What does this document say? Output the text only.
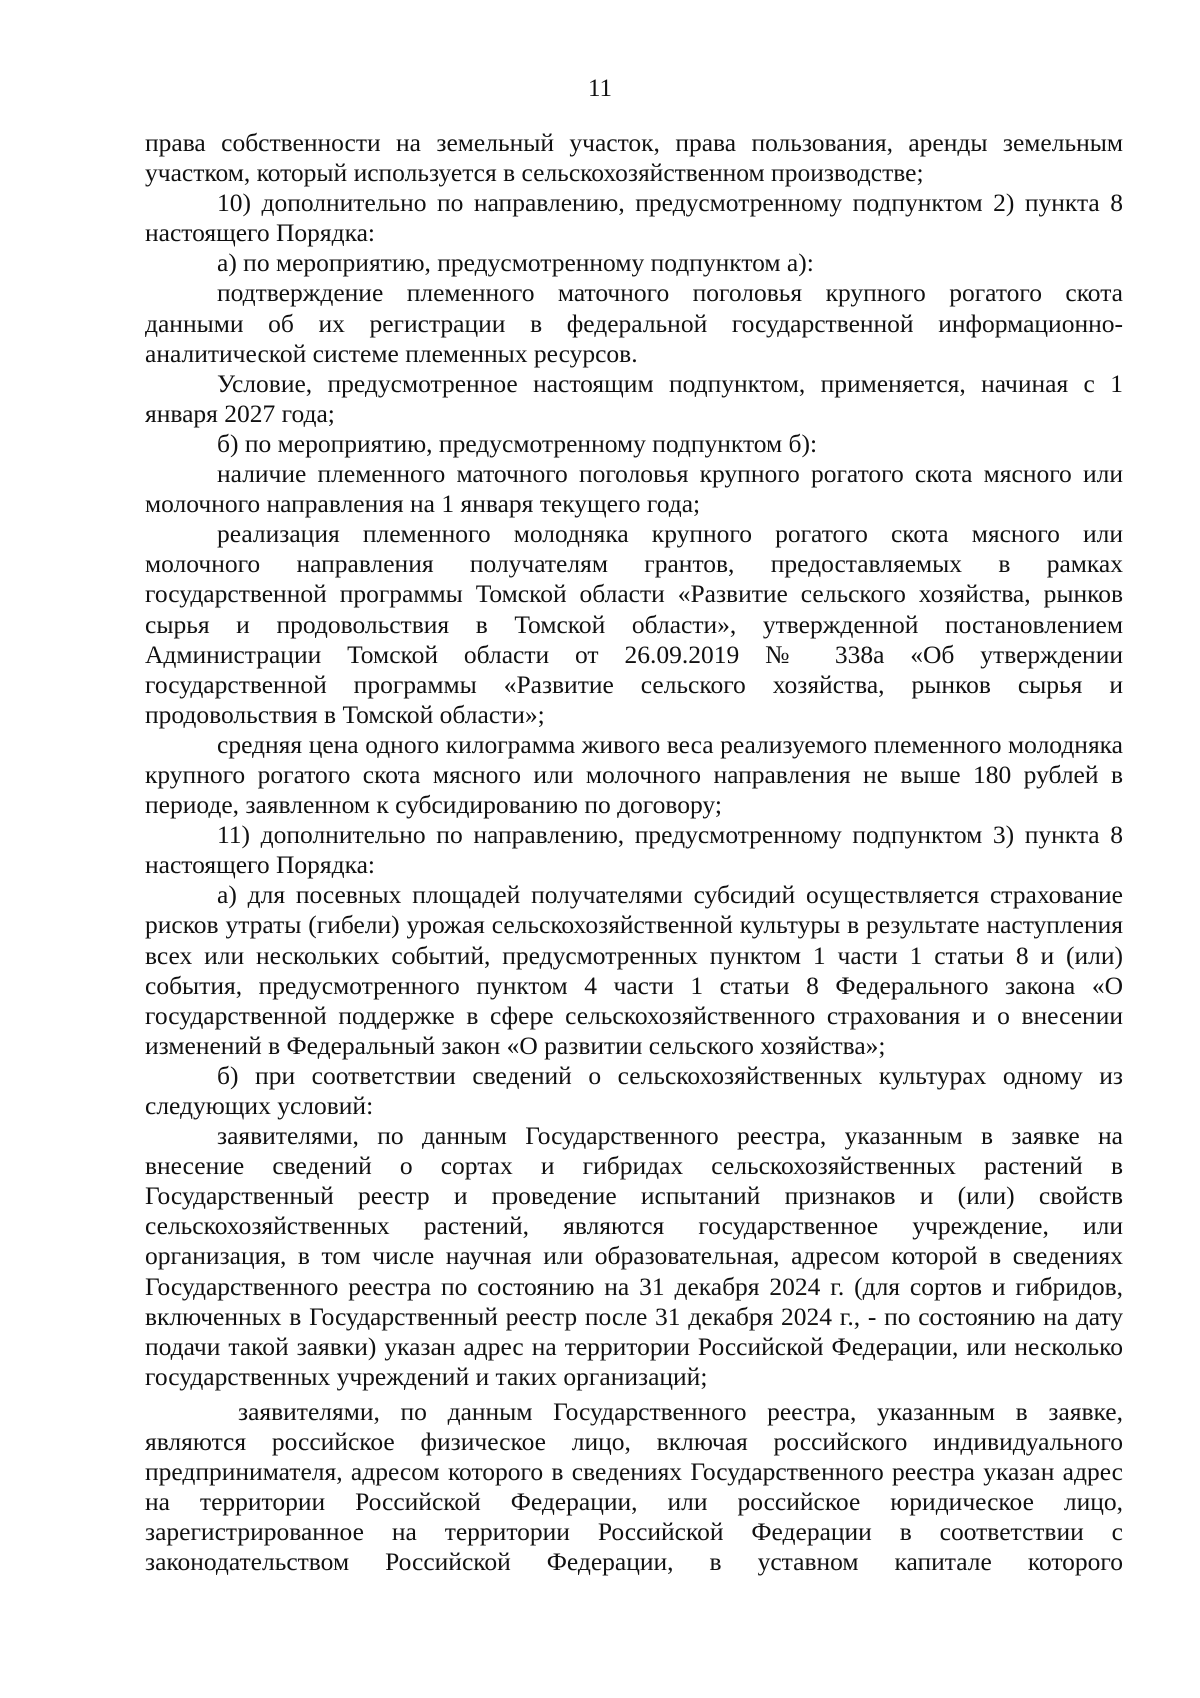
11

права собственности на земельный участок, права пользования, аренды земельным участком, который используется в сельскохозяйственном производстве;

10) дополнительно по направлению, предусмотренному подпунктом 2) пункта 8 настоящего Порядка:

а) по мероприятию, предусмотренному подпунктом а):

подтверждение племенного маточного поголовья крупного рогатого скота данными об их регистрации в федеральной государственной информационно-аналитической системе племенных ресурсов.

Условие, предусмотренное настоящим подпунктом, применяется, начиная с 1 января 2027 года;

б) по мероприятию, предусмотренному подпунктом б):

наличие племенного маточного поголовья крупного рогатого скота мясного или молочного направления на 1 января текущего года;

реализация племенного молодняка крупного рогатого скота мясного или молочного направления получателям грантов, предоставляемых в рамках государственной программы Томской области «Развитие сельского хозяйства, рынков сырья и продовольствия в Томской области», утвержденной постановлением Администрации Томской области от 26.09.2019 № 338а «Об утверждении государственной программы «Развитие сельского хозяйства, рынков сырья и продовольствия в Томской области»;

средняя цена одного килограмма живого веса реализуемого племенного молодняка крупного рогатого скота мясного или молочного направления не выше 180 рублей в периоде, заявленном к субсидированию по договору;

11) дополнительно по направлению, предусмотренному подпунктом 3) пункта 8 настоящего Порядка:

а) для посевных площадей получателями субсидий осуществляется страхование рисков утраты (гибели) урожая сельскохозяйственной культуры в результате наступления всех или нескольких событий, предусмотренных пунктом 1 части 1 статьи 8 и (или) события, предусмотренного пунктом 4 части 1 статьи 8 Федерального закона «О государственной поддержке в сфере сельскохозяйственного страхования и о внесении изменений в Федеральный закон «О развитии сельского хозяйства»;

б) при соответствии сведений о сельскохозяйственных культурах одному из следующих условий:

заявителями, по данным Государственного реестра, указанным в заявке на внесение сведений о сортах и гибридах сельскохозяйственных растений в Государственный реестр и проведение испытаний признаков и (или) свойств сельскохозяйственных растений, являются государственное учреждение, или организация, в том числе научная или образовательная, адресом которой в сведениях Государственного реестра по состоянию на 31 декабря 2024 г. (для сортов и гибридов, включенных в Государственный реестр после 31 декабря 2024 г., - по состоянию на дату подачи такой заявки) указан адрес на территории Российской Федерации, или несколько государственных учреждений и таких организаций;

заявителями, по данным Государственного реестра, указанным в заявке, являются российское физическое лицо, включая российского индивидуального предпринимателя, адресом которого в сведениях Государственного реестра указан адрес на территории Российской Федерации, или российское юридическое лицо, зарегистрированное на территории Российской Федерации в соответствии с законодательством Российской Федерации, в уставном капитале которого
